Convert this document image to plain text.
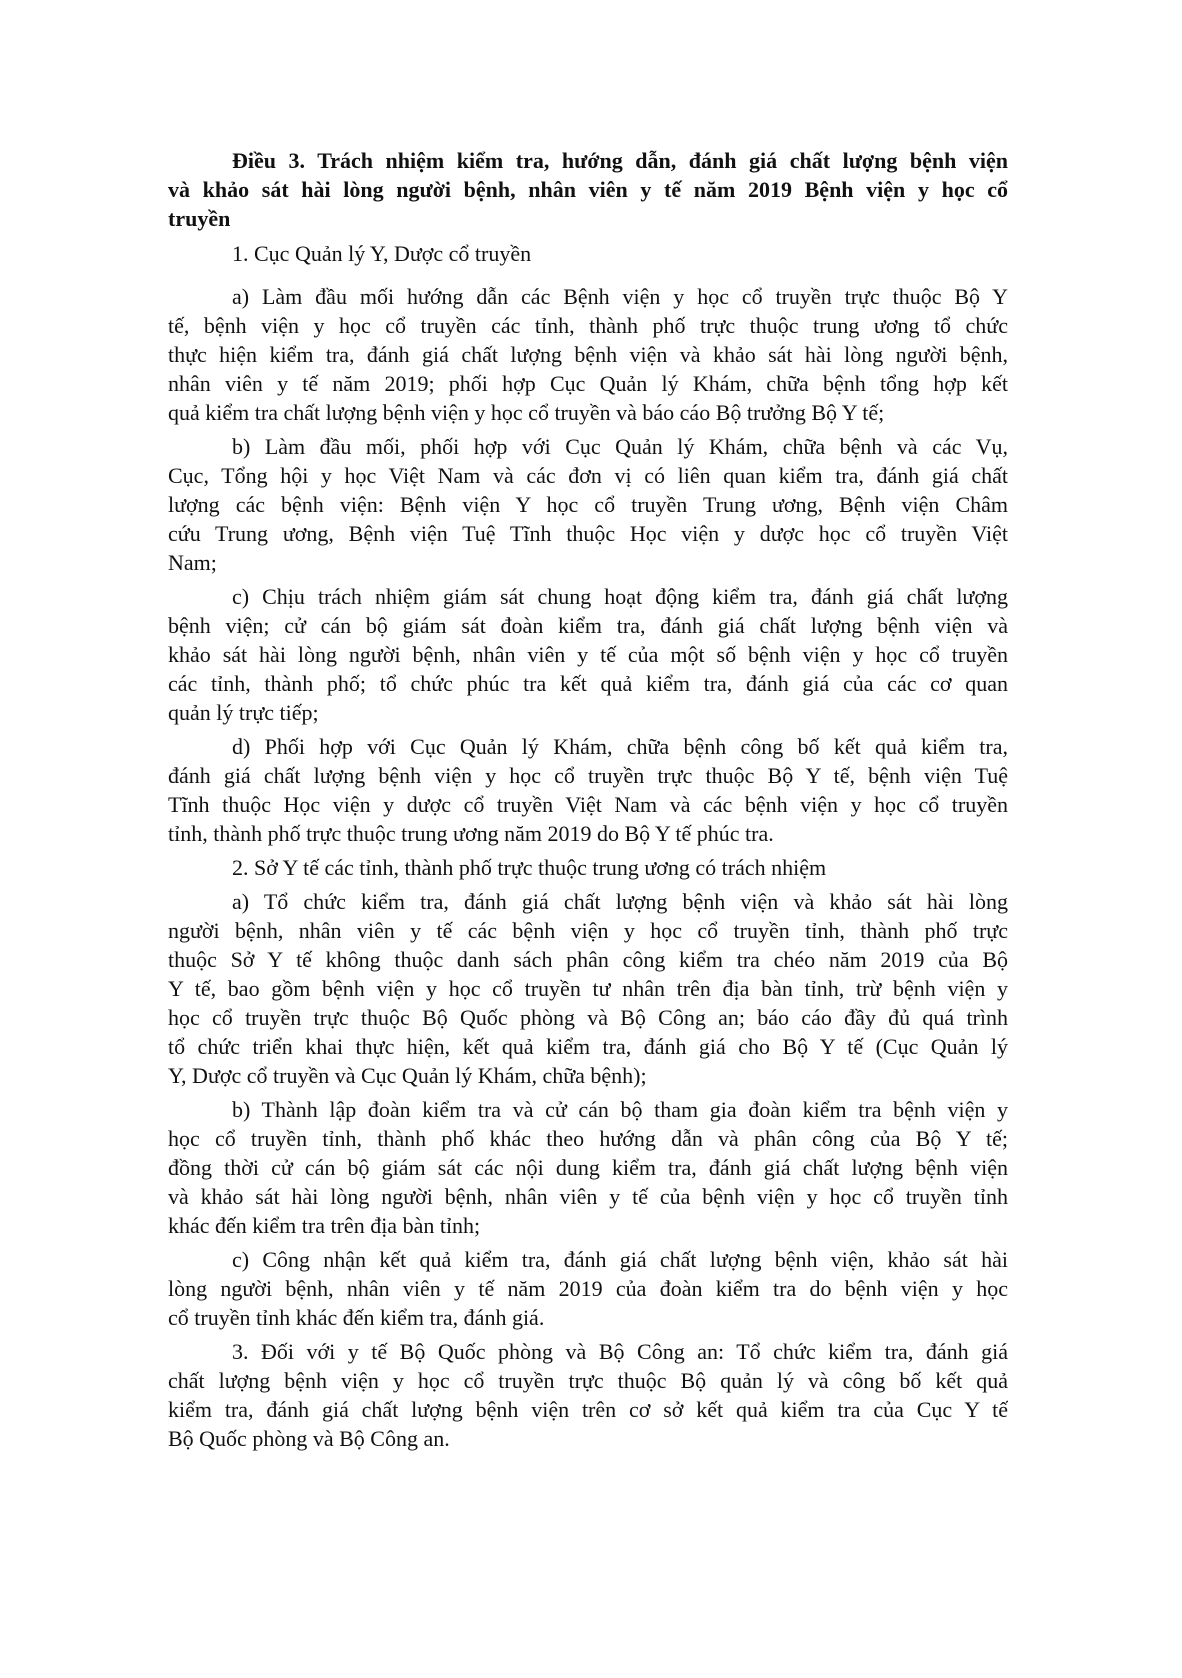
Điều 3. Trách nhiệm kiểm tra, hướng dẫn, đánh giá chất lượng bệnh viện
và khảo sát hài lòng người bệnh, nhân viên y tế năm 2019 Bệnh viện y học cổ
truyền
1. Cục Quản lý Y, Dược cổ truyền
a) Làm đầu mối hướng dẫn các Bệnh viện y học cổ truyền trực thuộc Bộ Y
tế, bệnh viện y học cổ truyền các tỉnh, thành phố trực thuộc trung ương tổ chức
thực hiện kiểm tra, đánh giá chất lượng bệnh viện và khảo sát hài lòng người bệnh,
nhân viên y tế năm 2019; phối hợp Cục Quản lý Khám, chữa bệnh tổng hợp kết
quả kiểm tra chất lượng bệnh viện y học cổ truyền và báo cáo Bộ trưởng Bộ Y tế;
b) Làm đầu mối, phối hợp với Cục Quản lý Khám, chữa bệnh và các Vụ,
Cục, Tổng hội y học Việt Nam và các đơn vị có liên quan kiểm tra, đánh giá chất
lượng các bệnh viện: Bệnh viện Y học cổ truyền Trung ương, Bệnh viện Châm
cứu Trung ương, Bệnh viện Tuệ Tĩnh thuộc Học viện y dược học cổ truyền Việt
Nam;
c) Chịu trách nhiệm giám sát chung hoạt động kiểm tra, đánh giá chất lượng
bệnh viện; cử cán bộ giám sát đoàn kiểm tra, đánh giá chất lượng bệnh viện và
khảo sát hài lòng người bệnh, nhân viên y tế của một số bệnh viện y học cổ truyền
các tỉnh, thành phố; tổ chức phúc tra kết quả kiểm tra, đánh giá của các cơ quan
quản lý trực tiếp;
d) Phối hợp với Cục Quản lý Khám, chữa bệnh công bố kết quả kiểm tra,
đánh giá chất lượng bệnh viện y học cổ truyền trực thuộc Bộ Y tế, bệnh viện Tuệ
Tĩnh thuộc Học viện y dược cổ truyền Việt Nam và các bệnh viện y học cổ truyền
tỉnh, thành phố trực thuộc trung ương năm 2019 do Bộ Y tế phúc tra.
2. Sở Y tế các tỉnh, thành phố trực thuộc trung ương có trách nhiệm
a) Tổ chức kiểm tra, đánh giá chất lượng bệnh viện và khảo sát hài lòng
người bệnh, nhân viên y tế các bệnh viện y học cổ truyền tỉnh, thành phố trực
thuộc Sở Y tế không thuộc danh sách phân công kiểm tra chéo năm 2019 của Bộ
Y tế, bao gồm bệnh viện y học cổ truyền tư nhân trên địa bàn tỉnh, trừ bệnh viện y
học cổ truyền trực thuộc Bộ Quốc phòng và Bộ Công an; báo cáo đầy đủ quá trình
tổ chức triển khai thực hiện, kết quả kiểm tra, đánh giá cho Bộ Y tế (Cục Quản lý
Y, Dược cổ truyền và Cục Quản lý Khám, chữa bệnh);
b) Thành lập đoàn kiểm tra và cử cán bộ tham gia đoàn kiểm tra bệnh viện y
học cổ truyền tỉnh, thành phố khác theo hướng dẫn và phân công của Bộ Y tế;
đồng thời cử cán bộ giám sát các nội dung kiểm tra, đánh giá chất lượng bệnh viện
và khảo sát hài lòng người bệnh, nhân viên y tế của bệnh viện y học cổ truyền tỉnh
khác đến kiểm tra trên địa bàn tỉnh;
c) Công nhận kết quả kiểm tra, đánh giá chất lượng bệnh viện, khảo sát hài
lòng người bệnh, nhân viên y tế năm 2019 của đoàn kiểm tra do bệnh viện y học
cổ truyền tỉnh khác đến kiểm tra, đánh giá.
3. Đối với y tế Bộ Quốc phòng và Bộ Công an: Tổ chức kiểm tra, đánh giá
chất lượng bệnh viện y học cổ truyền trực thuộc Bộ quản lý và công bố kết quả
kiểm tra, đánh giá chất lượng bệnh viện trên cơ sở kết quả kiểm tra của Cục Y tế
Bộ Quốc phòng và Bộ Công an.
